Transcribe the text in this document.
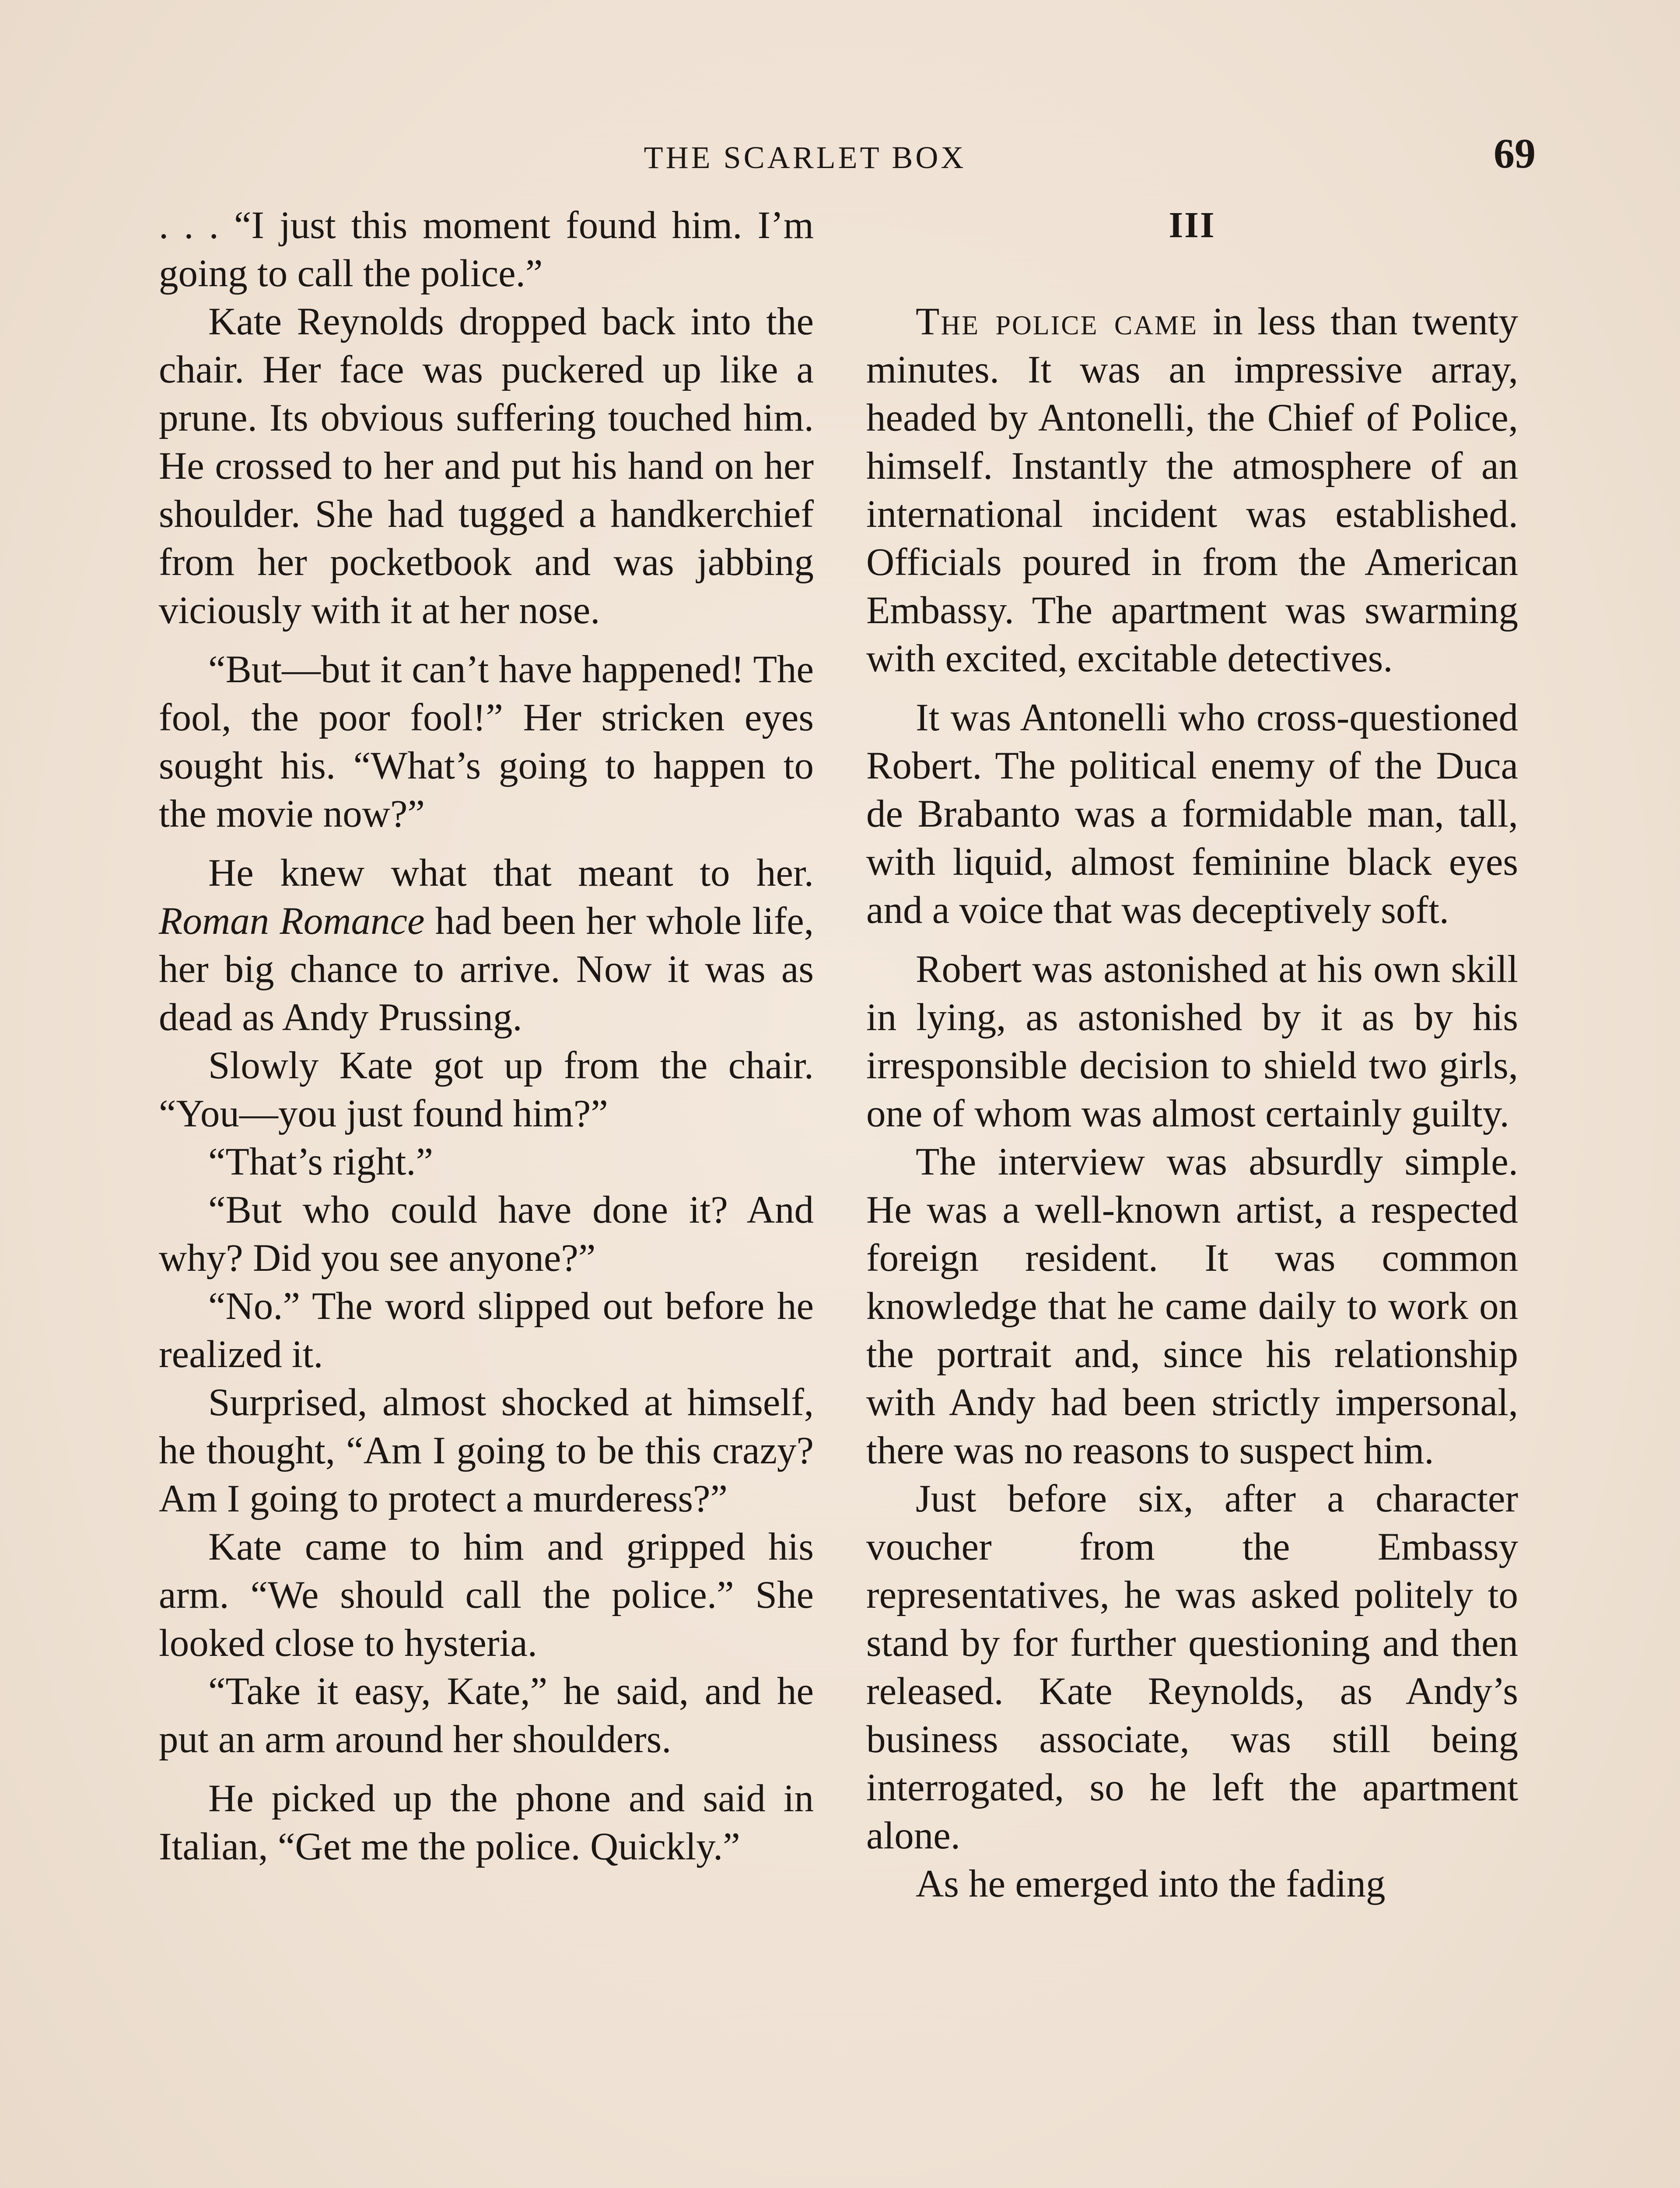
THE SCARLET BOX	69

. . . “I just this moment found him. I’m going to call the police.”

Kate Reynolds dropped back into the chair. Her face was puckered up like a prune. Its obvious suffering touched him. He crossed to her and put his hand on her shoulder. She had tugged a handkerchief from her pocketbook and was jabbing viciously with it at her nose.

“But—but it can’t have happened! The fool, the poor fool!” Her stricken eyes sought his. “What’s going to happen to the movie now?”

He knew what that meant to her. Roman Romance had been her whole life, her big chance to arrive. Now it was as dead as Andy Prussing.

Slowly Kate got up from the chair. “You—you just found him?”

“That’s right.”

“But who could have done it? And why? Did you see anyone?”

“No.” The word slipped out before he realized it.

Surprised, almost shocked at himself, he thought, “Am I going to be this crazy? Am I going to protect a murderess?”

Kate came to him and gripped his arm. “We should call the police.” She looked close to hysteria.

“Take it easy, Kate,” he said, and he put an arm around her shoulders.

He picked up the phone and said in Italian, “Get me the police. Quickly.”

III

The police came in less than twenty minutes. It was an impressive array, headed by Antonelli, the Chief of Police, himself. Instantly the atmosphere of an international incident was established. Officials poured in from the American Embassy. The apartment was swarming with excited, excitable detectives.

It was Antonelli who cross-questioned Robert. The political enemy of the Duca de Brabanto was a formidable man, tall, with liquid, almost feminine black eyes and a voice that was deceptively soft.

Robert was astonished at his own skill in lying, as astonished by it as by his irresponsible decision to shield two girls, one of whom was almost certainly guilty.

The interview was absurdly simple. He was a well-known artist, a respected foreign resident. It was common knowledge that he came daily to work on the portrait and, since his relationship with Andy had been strictly impersonal, there was no reasons to suspect him.

Just before six, after a character voucher from the Embassy representatives, he was asked politely to stand by for further questioning and then released. Kate Reynolds, as Andy’s business associate, was still being interrogated, so he left the apartment alone.

As he emerged into the fading
